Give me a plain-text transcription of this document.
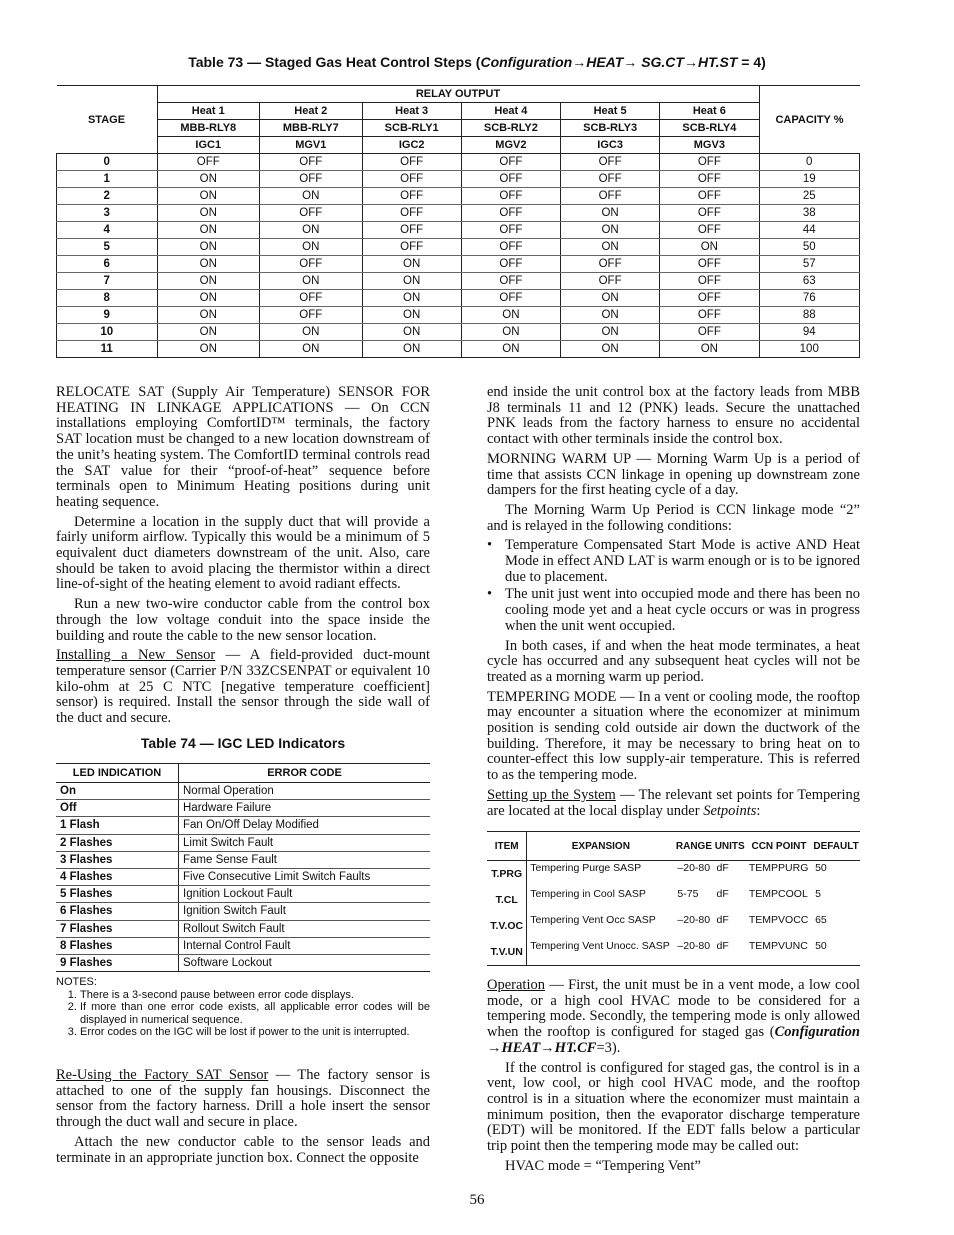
Table 73 — Staged Gas Heat Control Steps (Configuration→HEAT→ SG.CT→HT.ST = 4)
STAGE	RELAY OUTPUT						CAPACITY %
	Heat 1	Heat 2	Heat 3	Heat 4	Heat 5	Heat 6	
	MBB-RLY8	MBB-RLY7	SCB-RLY1	SCB-RLY2	SCB-RLY3	SCB-RLY4	
	IGC1	MGV1	IGC2	MGV2	IGC3	MGV3	
0	OFF	OFF	OFF	OFF	OFF	OFF	0
1	ON	OFF	OFF	OFF	OFF	OFF	19
2	ON	ON	OFF	OFF	OFF	OFF	25
3	ON	OFF	OFF	OFF	ON	OFF	38
4	ON	ON	OFF	OFF	ON	OFF	44
5	ON	ON	OFF	OFF	ON	ON	50
6	ON	OFF	ON	OFF	OFF	OFF	57
7	ON	ON	ON	OFF	OFF	OFF	63
8	ON	OFF	ON	OFF	ON	OFF	76
9	ON	OFF	ON	ON	ON	OFF	88
10	ON	ON	ON	ON	ON	OFF	94
11	ON	ON	ON	ON	ON	ON	100

RELOCATE SAT (Supply Air Temperature) SENSOR FOR HEATING IN LINKAGE APPLICATIONS — On CCN installations employing ComfortID™ terminals, the factory SAT location must be changed to a new location downstream of the unit’s heating system. The ComfortID terminal controls read the SAT value for their “proof-of-heat” sequence before terminals open to Minimum Heating positions during unit heating sequence.

Determine a location in the supply duct that will provide a fairly uniform airflow. Typically this would be a minimum of 5 equivalent duct diameters downstream of the unit. Also, care should be taken to avoid placing the thermistor within a direct line-of-sight of the heating element to avoid radiant effects.

Run a new two-wire conductor cable from the control box through the low voltage conduit into the space inside the building and route the cable to the new sensor location.

Installing a New Sensor — A field-provided duct-mount temperature sensor (Carrier P/N 33ZCSENPAT or equivalent 10 kilo-ohm at 25 C NTC [negative temperature coefficient] sensor) is required. Install the sensor through the side wall of the duct and secure.

Table 74 — IGC LED Indicators
LED INDICATION	ERROR CODE
On	Normal Operation
Off	Hardware Failure
1 Flash	Fan On/Off Delay Modified
2 Flashes	Limit Switch Fault
3 Flashes	Fame Sense Fault
4 Flashes	Five Consecutive Limit Switch Faults
5 Flashes	Ignition Lockout Fault
6 Flashes	Ignition Switch Fault
7 Flashes	Rollout Switch Fault
8 Flashes	Internal Control Fault
9 Flashes	Software Lockout
NOTES:
1. There is a 3-second pause between error code displays.
2. If more than one error code exists, all applicable error codes will be displayed in numerical sequence.
3. Error codes on the IGC will be lost if power to the unit is interrupted.

Re-Using the Factory SAT Sensor — The factory sensor is attached to one of the supply fan housings. Disconnect the sensor from the factory harness. Drill a hole insert the sensor through the duct wall and secure in place.

Attach the new conductor cable to the sensor leads and terminate in an appropriate junction box. Connect the opposite

end inside the unit control box at the factory leads from MBB J8 terminals 11 and 12 (PNK) leads. Secure the unattached PNK leads from the factory harness to ensure no accidental contact with other terminals inside the control box.

MORNING WARM UP — Morning Warm Up is a period of time that assists CCN linkage in opening up downstream zone dampers for the first heating cycle of a day.

The Morning Warm Up Period is CCN linkage mode “2” and is relayed in the following conditions:

• Temperature Compensated Start Mode is active AND Heat Mode in effect AND LAT is warm enough or is to be ignored due to placement.
• The unit just went into occupied mode and there has been no cooling mode yet and a heat cycle occurs or was in progress when the unit went occupied.

In both cases, if and when the heat mode terminates, a heat cycle has occurred and any subsequent heat cycles will not be treated as a morning warm up period.

TEMPERING MODE — In a vent or cooling mode, the rooftop may encounter a situation where the economizer at minimum position is sending cold outside air down the ductwork of the building. Therefore, it may be necessary to bring heat on to counter-effect this low supply-air temperature. This is referred to as the tempering mode.

Setting up the System — The relevant set points for Tempering are located at the local display under Setpoints:

ITEM	EXPANSION	RANGE	UNITS	CCN POINT	DEFAULT
T.PRG	Tempering Purge SASP	–20-80	dF	TEMPPURG	50
T.CL	Tempering in Cool SASP	5-75	dF	TEMPCOOL	5
T.V.OC	Tempering Vent Occ SASP	–20-80	dF	TEMPVOCC	65
T.V.UN	Tempering Vent Unocc. SASP	–20-80	dF	TEMPVUNC	50

Operation — First, the unit must be in a vent mode, a low cool mode, or a high cool HVAC mode to be considered for a tempering mode. Secondly, the tempering mode is only allowed when the rooftop is configured for staged gas (Configuration →HEAT→HT.CF=3).

If the control is configured for staged gas, the control is in a vent, low cool, or high cool HVAC mode, and the rooftop control is in a situation where the economizer must maintain a minimum position, then the evaporator discharge temperature (EDT) will be monitored. If the EDT falls below a particular trip point then the tempering mode may be called out:

HVAC mode = “Tempering Vent”

56
